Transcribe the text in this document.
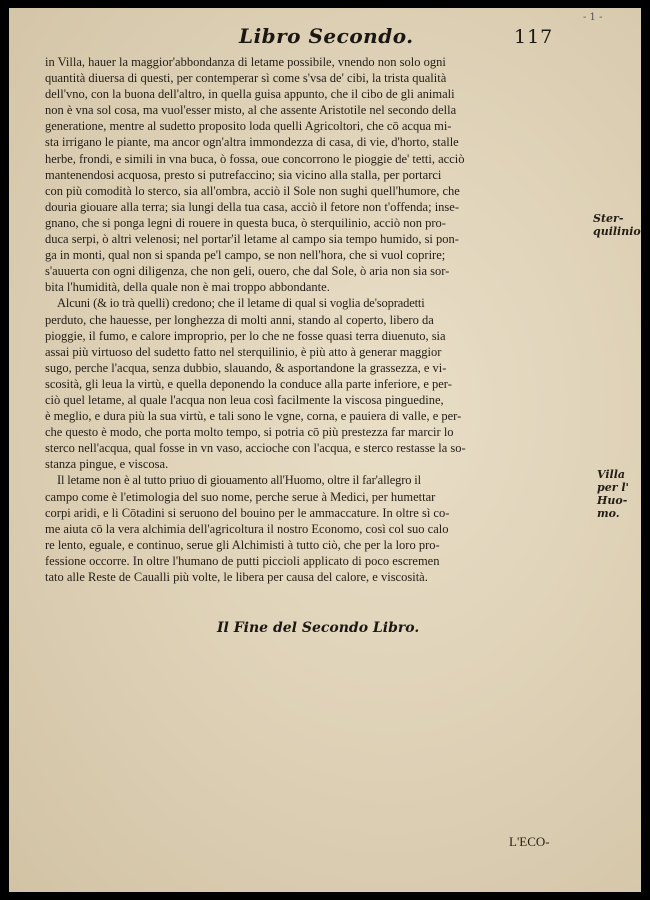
- 1 -
Libro Secondo.	117
in Villa, hauer la maggior'abbondanza di letame possibile, vnendo non solo ogni
quantità diuersa di questi, per contemperar sì come s'vsa de' cibi, la trista qualità
dell'vno, con la buona dell'altro, in quella guisa appunto, che il cibo de gli animali
non è vna sol cosa, ma vuol'esser misto, al che assente Aristotile nel secondo della
generatione, mentre al sudetto proposito loda quelli Agricoltori, che cō acqua mi-
sta irrigano le piante, ma ancor ogn'altra immondezza di casa, di vie, d'horto, stalle
herbe, frondi, e simili in vna buca, ò fossa, oue concorrono le pioggie de' tetti, acciò
mantenendosi acquosa, presto si putrefaccino; sia vicino alla stalla, per portarci
con più comodità lo sterco, sia all'ombra, acciò il Sole non sughi quell'humore, che
douria giouare alla terra; sia lungi della tua casa, acciò il fetore non t'offenda; inse-
gnano, che si ponga legni di rouere in questa buca, ò sterquilinio, acciò non pro-
duca serpi, ò altri velenosi; nel portar'il letame al campo sia tempo humido, si pon-
ga in monti, qual non si spanda pe'l campo, se non nell'hora, che si vuol coprire;
s'auuerta con ogni diligenza, che non geli, ouero, che dal Sole, ò aria non sia sor-
bita l'humidità, della quale non è mai troppo abbondante.
Alcuni (& io trà quelli) credono; che il letame di qual si voglia de'sopradetti
perduto, che hauesse, per longhezza di molti anni, stando al coperto, libero da
pioggie, il fumo, e calore improprio, per lo che ne fosse quasi terra diuenuto, sia
assai più virtuoso del sudetto fatto nel sterquilinio, è più atto à generar maggior
sugo, perche l'acqua, senza dubbio, slauando, & asportandone la grassezza, e vi-
scosità, gli leua la virtù, e quella deponendo la conduce alla parte inferiore, e per-
ciò quel letame, al quale l'acqua non leua così facilmente la viscosa pinguedine,
è meglio, e dura più la sua virtù, e tali sono le vgne, corna, e pauiera di valle, e per-
che questo è modo, che porta molto tempo, si potria cō più prestezza far marcir lo
sterco nell'acqua, qual fosse in vn vaso, accioche con l'acqua, e sterco restasse la so-
stanza pingue, e viscosa.
Il letame non è al tutto priuo di giouamento all'Huomo, oltre il far'allegro il
campo come è l'etimologia del suo nome, perche serue à Medici, per humettar
corpi aridi, e li Cōtadini si seruono del bouino per le ammaccature. In oltre sì co-
me aiuta cō la vera alchimia dell'agricoltura il nostro Economo, così col suo calo
re lento, eguale, e continuo, serue gli Alchimisti à tutto ciò, che per la loro pro-
fessione occorre. In oltre l'humano de putti piccioli applicato di poco escremen
tato alle Reste de Caualli più volte, le libera per causa del calore, e viscosità.
Ster-
quilinio
Villa
per l'
Huo-
mo.
Il Fine del Secondo Libro.
L'ECO-
